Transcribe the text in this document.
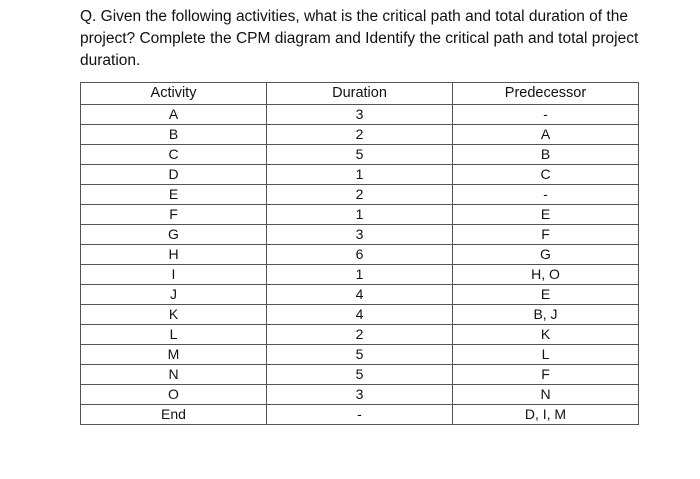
Q. Given the following activities, what is the critical path and total duration of the project? Complete the CPM diagram and Identify the critical path and total project duration.

Activity	Duration	Predecessor
A	3	-
B	2	A
C	5	B
D	1	C
E	2	-
F	1	E
G	3	F
H	6	G
I	1	H, O
J	4	E
K	4	B, J
L	2	K
M	5	L
N	5	F
O	3	N
End	-	D, I, M
